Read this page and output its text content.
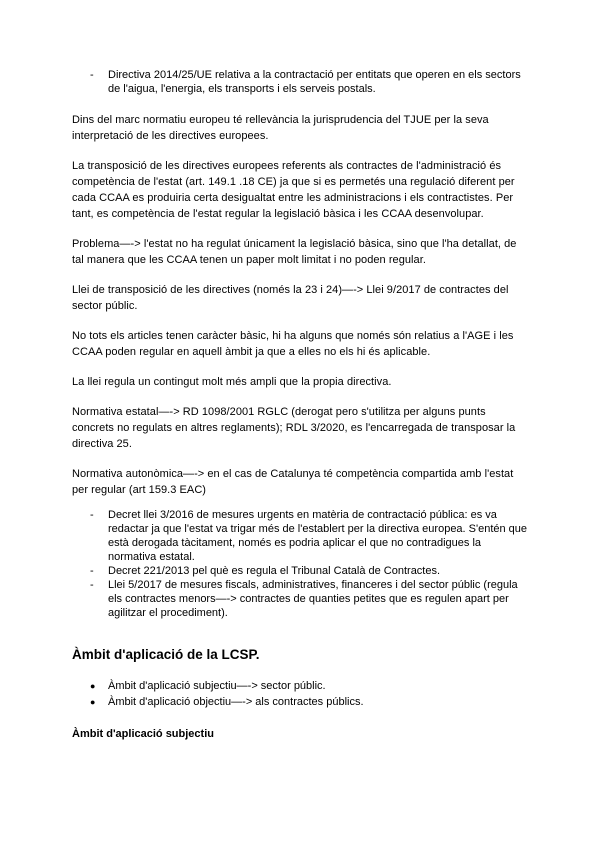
- Directiva 2014/25/UE relativa a la contractació per entitats que operen en els sectors de l'aigua, l'energia, els transports i els serveis postals.

Dins del marc normatiu europeu té rellevància la jurisprudencia del TJUE per la seva interpretació de les directives europees.

La transposició de les directives europees referents als contractes de l'administració és competència de l'estat (art. 149.1 .18 CE) ja que si es permetés una regulació diferent per cada CCAA es produiria certa desigualtat entre les administracions i els contractistes. Per tant, es competència de l'estat regular la legislació bàsica i les CCAA desenvolupar.

Problema—-> l'estat no ha regulat únicament la legislació bàsica, sino que l'ha detallat, de tal manera que les CCAA tenen un paper molt limitat i no poden regular.

Llei de transposició de les directives (només la 23 i 24)—-> Llei 9/2017 de contractes del sector públic.

No tots els articles tenen caràcter bàsic, hi ha alguns que només són relatius a l'AGE i les CCAA poden regular en aquell àmbit ja que a elles no els hi és aplicable.

La llei regula un contingut molt més ampli que la propia directiva.

Normativa estatal—-> RD 1098/2001 RGLC (derogat pero s'utilitza per alguns punts concrets no regulats en altres reglaments); RDL 3/2020, es l'encarregada de transposar la directiva 25.

Normativa autonòmica—-> en el cas de Catalunya té competència compartida amb l'estat per regular (art 159.3 EAC)

- Decret llei 3/2016 de mesures urgents en matèria de contractació pública: es va redactar ja que l'estat va trigar més de l'establert per la directiva europea. S'entén que està derogada tàcitament, només es podria aplicar el que no contradigues la normativa estatal.
- Decret 221/2013 pel què es regula el Tribunal Català de Contractes.
- Llei 5/2017 de mesures fiscals, administratives, financeres i del sector públic (regula els contractes menors—-> contractes de quanties petites que es regulen apart per agilitzar el procediment).
Àmbit d'aplicació de la LCSP.
● Àmbit d'aplicació subjectiu—-> sector públic.
● Àmbit d'aplicació objectiu—-> als contractes públics.
Àmbit d'aplicació subjectiu
